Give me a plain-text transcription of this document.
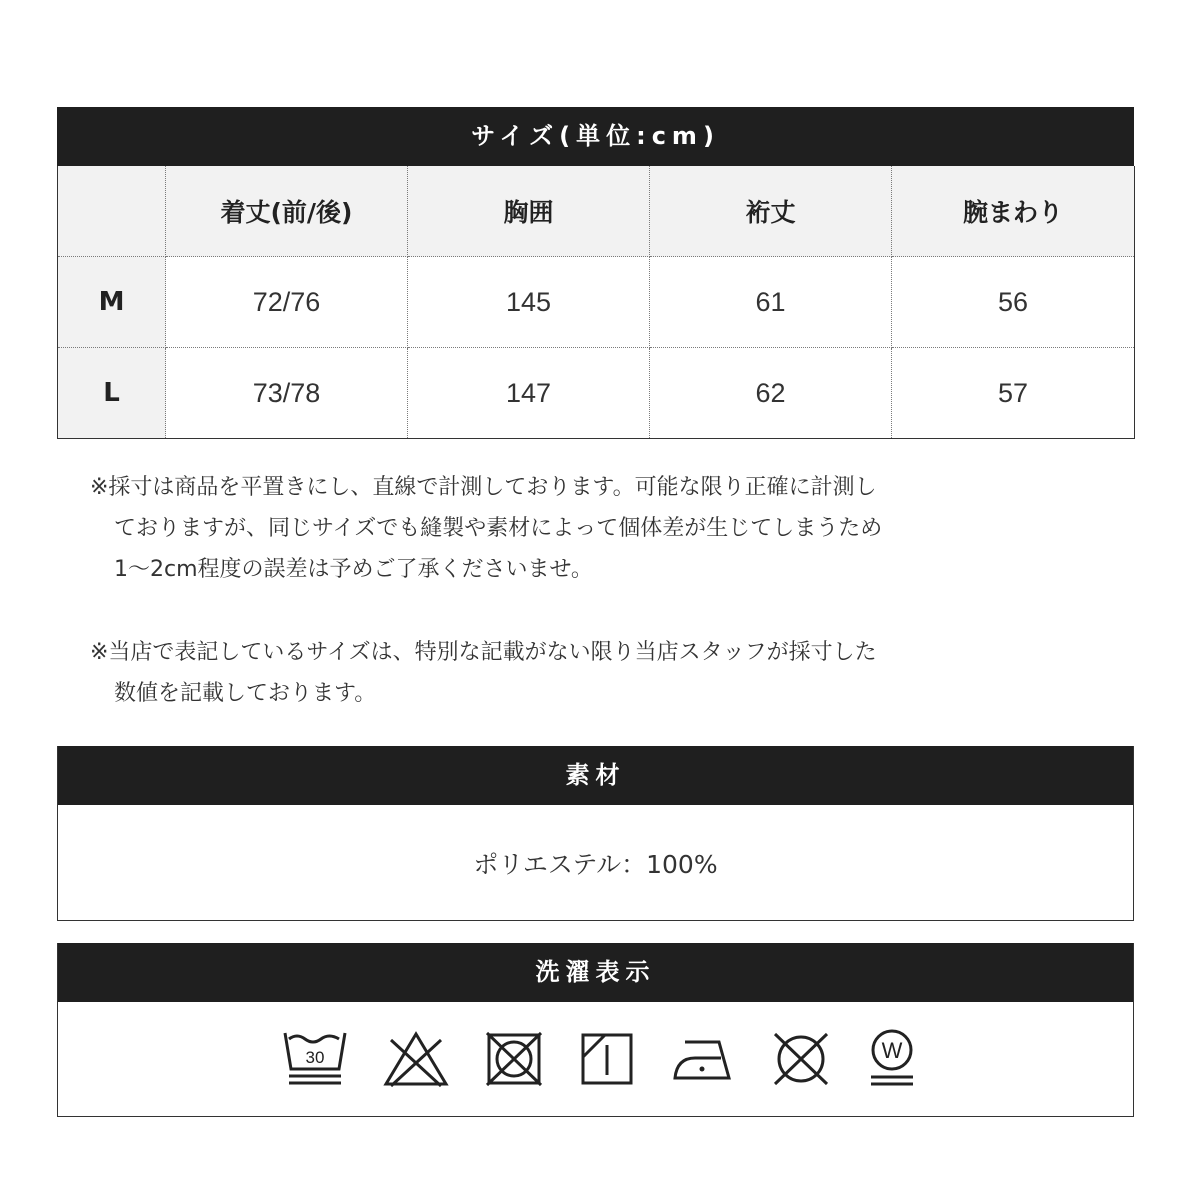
サイズ(単位:cm)
	着丈(前/後)	胸囲	裄丈	腕まわり
M	72/76	145	61	56
L	73/78	147	62	57
※採寸は商品を平置きにし、直線で計測しております。可能な限り正確に計測し
ておりますが、同じサイズでも縫製や素材によって個体差が生じてしまうため
1～2cm程度の誤差は予めご了承くださいませ。
※当店で表記しているサイズは、特別な記載がない限り当店スタッフが採寸した
数値を記載しております。
素材
ポリエステル：100%
洗濯表示
30	W
